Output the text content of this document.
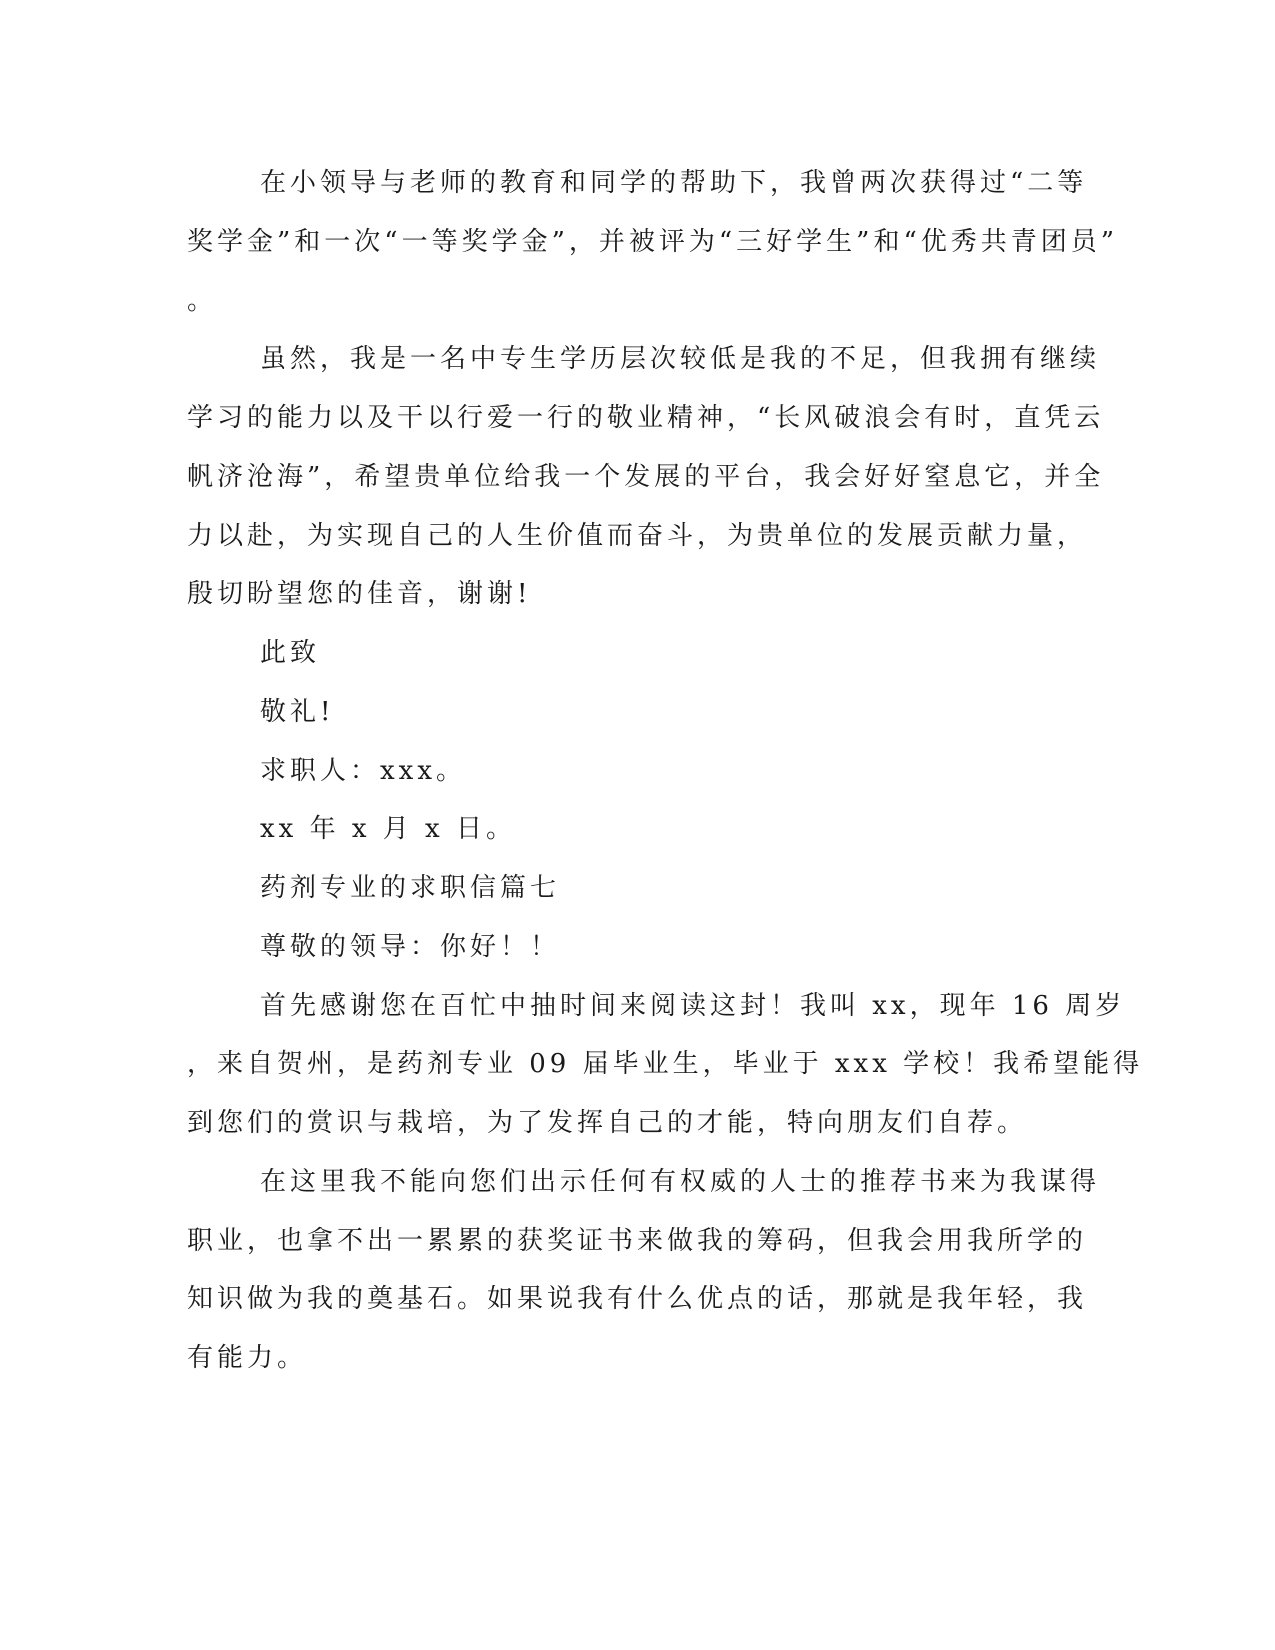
在小领导与老师的教育和同学的帮助下，我曾两次获得过“二等
奖学金”和一次“一等奖学金”，并被评为“三好学生”和“优秀共青团员”
。
虽然，我是一名中专生学历层次较低是我的不足，但我拥有继续
学习的能力以及干以行爱一行的敬业精神，“长风破浪会有时，直凭云
帆济沧海”，希望贵单位给我一个发展的平台，我会好好窒息它，并全
力以赴，为实现自己的人生价值而奋斗，为贵单位的发展贡献力量，
殷切盼望您的佳音，谢谢!
此致
敬礼!
求职人：xxx。
xx 年 x 月 x 日。
药剂专业的求职信篇七
尊敬的领导：你好！！
首先感谢您在百忙中抽时间来阅读这封！我叫 xx，现年 16 周岁
，来自贺州，是药剂专业 09 届毕业生，毕业于 xxx 学校！我希望能得
到您们的赏识与栽培，为了发挥自己的才能，特向朋友们自荐。
在这里我不能向您们出示任何有权威的人士的推荐书来为我谋得
职业，也拿不出一累累的获奖证书来做我的筹码，但我会用我所学的
知识做为我的奠基石。如果说我有什么优点的话，那就是我年轻，我
有能力。
